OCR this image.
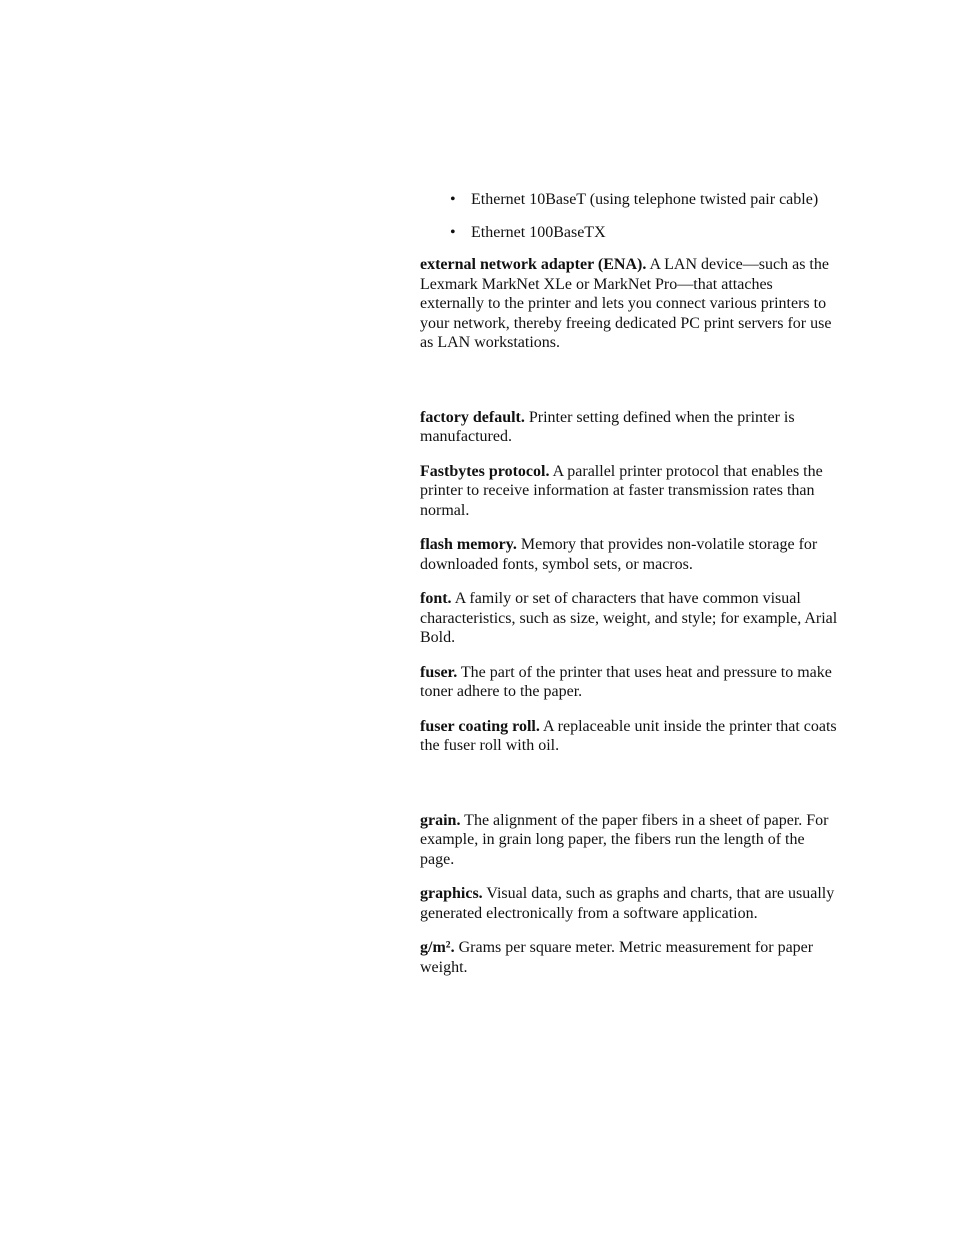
• Ethernet 10BaseT (using telephone twisted pair cable)
• Ethernet 100BaseTX

external network adapter (ENA). A LAN device—such as the Lexmark MarkNet XLe or MarkNet Pro—that attaches externally to the printer and lets you connect various printers to your network, thereby freeing dedicated PC print servers for use as LAN workstations.

factory default. Printer setting defined when the printer is manufactured.

Fastbytes protocol. A parallel printer protocol that enables the printer to receive information at faster transmission rates than normal.

flash memory. Memory that provides non-volatile storage for downloaded fonts, symbol sets, or macros.

font. A family or set of characters that have common visual characteristics, such as size, weight, and style; for example, Arial Bold.

fuser. The part of the printer that uses heat and pressure to make toner adhere to the paper.

fuser coating roll. A replaceable unit inside the printer that coats the fuser roll with oil.

grain. The alignment of the paper fibers in a sheet of paper. For example, in grain long paper, the fibers run the length of the page.

graphics. Visual data, such as graphs and charts, that are usually generated electronically from a software application.

g/m². Grams per square meter. Metric measurement for paper weight.
